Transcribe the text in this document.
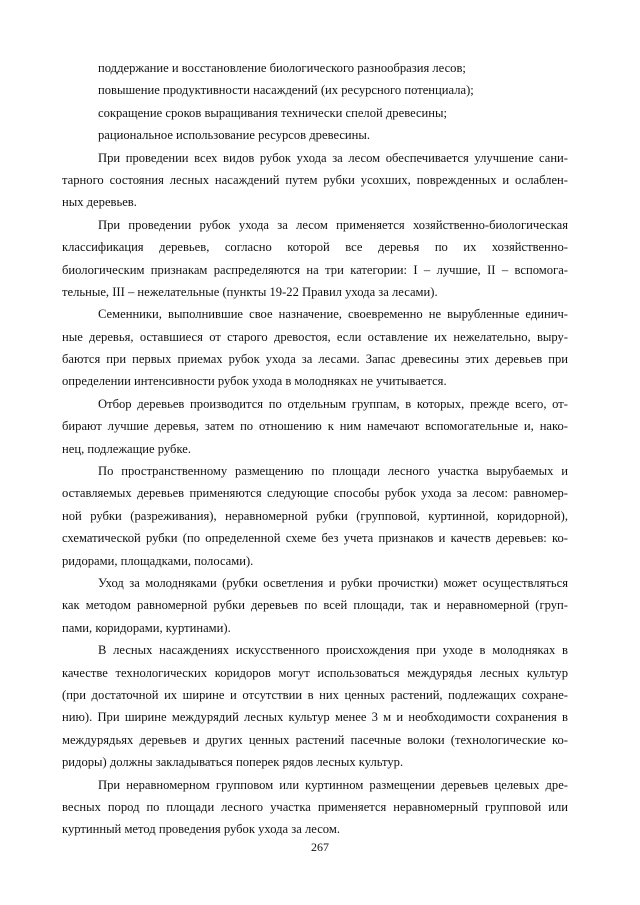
поддержание и восстановление биологического разнообразия лесов;

повышение продуктивности насаждений (их ресурсного потенциала);

сокращение сроков выращивания технически спелой древесины;

рациональное использование ресурсов древесины.

При проведении всех видов рубок ухода за лесом обеспечивается улучшение сани-

тарного состояния лесных насаждений путем рубки усохших, поврежденных и ослаблен-

ных деревьев.

При проведении рубок ухода за лесом применяется хозяйственно-биологическая

классификация деревьев, согласно которой все деревья по их хозяйственно-

биологическим признакам распределяются на три категории: I – лучшие, II – вспомога-

тельные, III – нежелательные (пункты 19-22 Правил ухода за лесами).

Семенники, выполнившие свое назначение, своевременно не вырубленные единич-

ные деревья, оставшиеся от старого древостоя, если оставление их нежелательно, выру-

баются при первых приемах рубок ухода за лесами. Запас древесины этих деревьев при

определении интенсивности рубок ухода в молодняках не учитывается.

Отбор деревьев производится по отдельным группам, в которых, прежде всего, от-

бирают лучшие деревья, затем по отношению к ним намечают вспомогательные и, нако-

нец, подлежащие рубке.

По пространственному размещению по площади лесного участка вырубаемых и

оставляемых деревьев применяются следующие способы рубок ухода за лесом: равномер-

ной рубки (разреживания), неравномерной рубки (групповой, куртинной, коридорной),

схематической рубки (по определенной схеме без учета признаков и качеств деревьев: ко-

ридорами, площадками, полосами).

Уход за молодняками (рубки осветления и рубки прочистки) может осуществляться

как методом равномерной рубки деревьев по всей площади, так и неравномерной (груп-

пами, коридорами, куртинами).

В лесных насаждениях искусственного происхождения при уходе в молодняках в

качестве технологических коридоров могут использоваться междурядья лесных культур

(при достаточной их ширине и отсутствии в них ценных растений, подлежащих сохране-

нию). При ширине междурядий лесных культур менее 3 м и необходимости сохранения в

междурядьях деревьев и других ценных растений пасечные волоки (технологические ко-

ридоры) должны закладываться поперек рядов лесных культур.

При неравномерном групповом или куртинном размещении деревьев целевых дре-

весных пород по площади лесного участка применяется неравномерный групповой или

куртинный метод проведения рубок ухода за лесом.

267
